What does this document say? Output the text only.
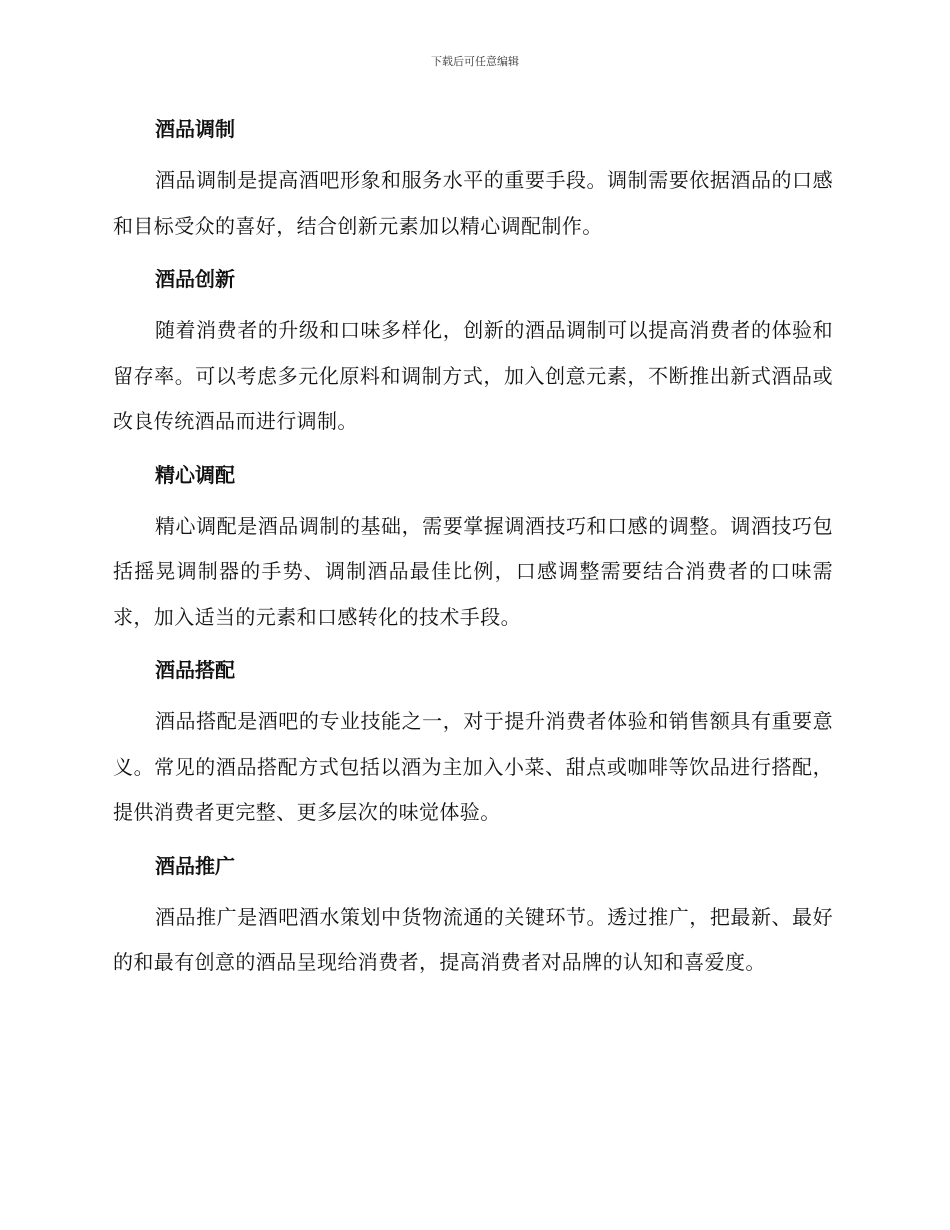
下载后可任意编辑
酒品调制

酒品调制是提高酒吧形象和服务水平的重要手段。调制需要依据酒品的口感和目标受众的喜好，结合创新元素加以精心调配制作。

酒品创新

随着消费者的升级和口味多样化，创新的酒品调制可以提高消费者的体验和留存率。可以考虑多元化原料和调制方式，加入创意元素，不断推出新式酒品或改良传统酒品而进行调制。

精心调配

精心调配是酒品调制的基础，需要掌握调酒技巧和口感的调整。调酒技巧包括摇晃调制器的手势、调制酒品最佳比例，口感调整需要结合消费者的口味需求，加入适当的元素和口感转化的技术手段。

酒品搭配

酒品搭配是酒吧的专业技能之一，对于提升消费者体验和销售额具有重要意义。常见的酒品搭配方式包括以酒为主加入小菜、甜点或咖啡等饮品进行搭配，提供消费者更完整、更多层次的味觉体验。

酒品推广

酒品推广是酒吧酒水策划中货物流通的关键环节。透过推广，把最新、最好的和最有创意的酒品呈现给消费者，提高消费者对品牌的认知和喜爱度。
